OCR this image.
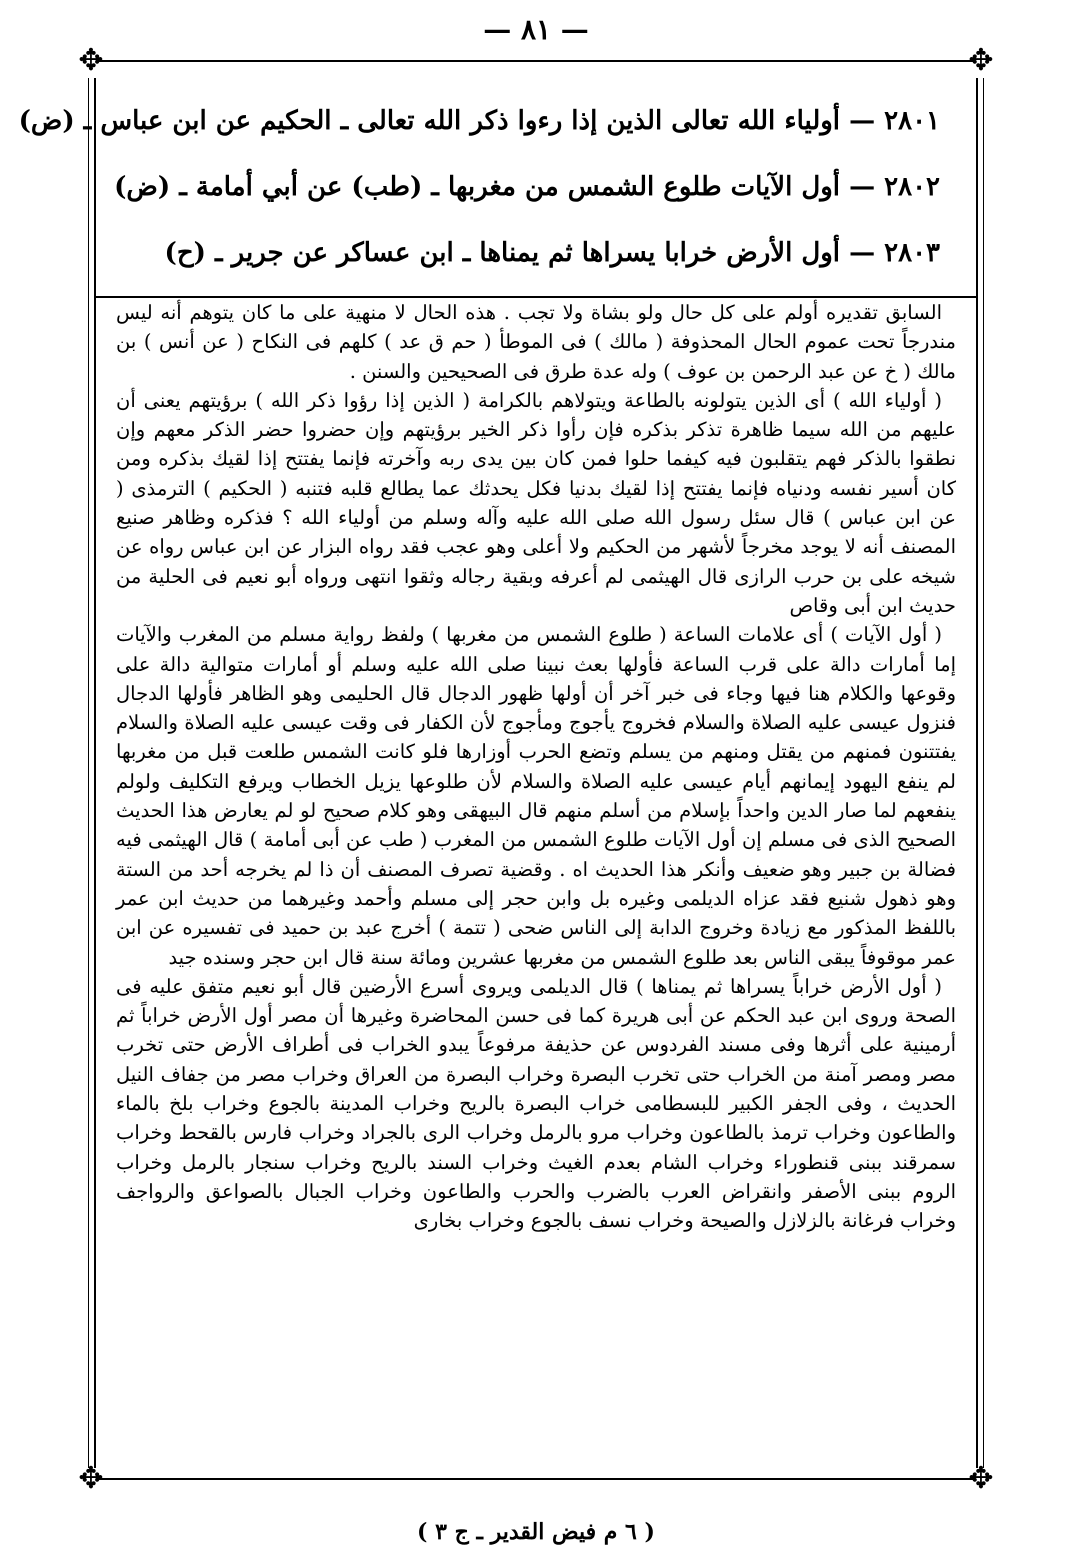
— ٨١ —
✥	✥
✥	✥
٢٨٠١ — أولياء الله تعالى الذين إذا رءوا ذكر الله تعالى ـ الحكيم عن ابن عباس ـ (ض)
٢٨٠٢ — أول الآيات طلوع الشمس من مغربها ـ (طب) عن أبي أمامة ـ (ض)
٢٨٠٣ — أول الأرض خرابا يسراها ثم يمناها ـ ابن عساكر عن جرير ـ (ح)

السابق تقديره أولم على كل حال ولو بشاة ولا تجب . هذه الحال لا منهية على ما كان يتوهم أنه ليس مندرجاً تحت عموم الحال المحذوفة ( مالك ) فى الموطأ ( حم ق عد ) كلهم فى النكاح ( عن أنس ) بن مالك ( خ عن عبد الرحمن بن عوف ) وله عدة طرق فى الصحيحين والسنن .

( أولياء الله ) أى الذين يتولونه بالطاعة ويتولاهم بالكرامة ( الذين إذا رؤوا ذكر الله ) برؤيتهم يعنى أن عليهم من الله سيما ظاهرة تذكر بذكره فإن رأوا ذكر الخير برؤيتهم وإن حضروا حضر الذكر معهم وإن نطقوا بالذكر فهم يتقلبون فيه كيفما حلوا فمن كان بين يدى ربه وآخرته فإنما يفتتح إذا لقيك بذكره ومن كان أسير نفسه ودنياه فإنما يفتتح إذا لقيك بدنيا فكل يحدثك عما يطالع قلبه فتنبه ( الحكيم ) الترمذى ( عن ابن عباس ) قال سئل رسول الله صلى الله عليه وآله وسلم من أولياء الله ؟ فذكره وظاهر صنيع المصنف أنه لا يوجد مخرجاً لأشهر من الحكيم ولا أعلى وهو عجب فقد رواه البزار عن ابن عباس رواه عن شيخه على بن حرب الرازى قال الهيثمى لم أعرفه وبقية رجاله وثقوا انتهى ورواه أبو نعيم فى الحلية من حديث ابن أبى وقاص

( أول الآيات ) أى علامات الساعة ( طلوع الشمس من مغربها ) ولفظ رواية مسلم من المغرب والآيات إما أمارات دالة على قرب الساعة فأولها بعث نبينا صلى الله عليه وسلم أو أمارات متوالية دالة على وقوعها والكلام هنا فيها وجاء فى خبر آخر أن أولها ظهور الدجال قال الحليمى وهو الظاهر فأولها الدجال فنزول عيسى عليه الصلاة والسلام فخروج يأجوج ومأجوج لأن الكفار فى وقت عيسى عليه الصلاة والسلام يفتتنون فمنهم من يقتل ومنهم من يسلم وتضع الحرب أوزارها فلو كانت الشمس طلعت قبل من مغربها لم ينفع اليهود إيمانهم أيام عيسى عليه الصلاة والسلام لأن طلوعها يزيل الخطاب ويرفع التكليف ولولم ينفعهم لما صار الدين واحداً بإسلام من أسلم منهم قال البيهقى وهو كلام صحيح لو لم يعارض هذا الحديث الصحيح الذى فى مسلم إن أول الآيات طلوع الشمس من المغرب ( طب عن أبى أمامة ) قال الهيثمى فيه فضالة بن جبير وهو ضعيف وأنكر هذا الحديث اه . وقضية تصرف المصنف أن ذا لم يخرجه أحد من الستة وهو ذهول شنيع فقد عزاه الديلمى وغيره بل وابن حجر إلى مسلم وأحمد وغيرهما من حديث ابن عمر باللفظ المذكور مع زيادة وخروج الدابة إلى الناس ضحى ( تتمة ) أخرج عبد بن حميد فى تفسيره عن ابن عمر موقوفاً يبقى الناس بعد طلوع الشمس من مغربها عشرين ومائة سنة قال ابن حجر وسنده جيد

( أول الأرض خراباً يسراها ثم يمناها ) قال الديلمى ويروى أسرع الأرضين قال أبو نعيم متفق عليه فى الصحة وروى ابن عبد الحكم عن أبى هريرة كما فى حسن المحاضرة وغيرها أن مصر أول الأرض خراباً ثم أرمينية على أثرها وفى مسند الفردوس عن حذيفة مرفوعاً يبدو الخراب فى أطراف الأرض حتى تخرب مصر ومصر آمنة من الخراب حتى تخرب البصرة وخراب البصرة من العراق وخراب مصر من جفاف النيل الحديث ، وفى الجفر الكبير للبسطامى خراب البصرة بالريح وخراب المدينة بالجوع وخراب بلخ بالماء والطاعون وخراب ترمذ بالطاعون وخراب مرو بالرمل وخراب الرى بالجراد وخراب فارس بالقحط وخراب سمرقند ببنى قنطوراء وخراب الشام بعدم الغيث وخراب السند بالريح وخراب سنجار بالرمل وخراب الروم ببنى الأصفر وانقراض العرب بالضرب والحرب والطاعون وخراب الجبال بالصواعق والرواجف وخراب فرغانة بالزلازل والصيحة وخراب نسف بالجوع وخراب بخارى

( ٦ م فيض القدير ـ ج ٣ )
